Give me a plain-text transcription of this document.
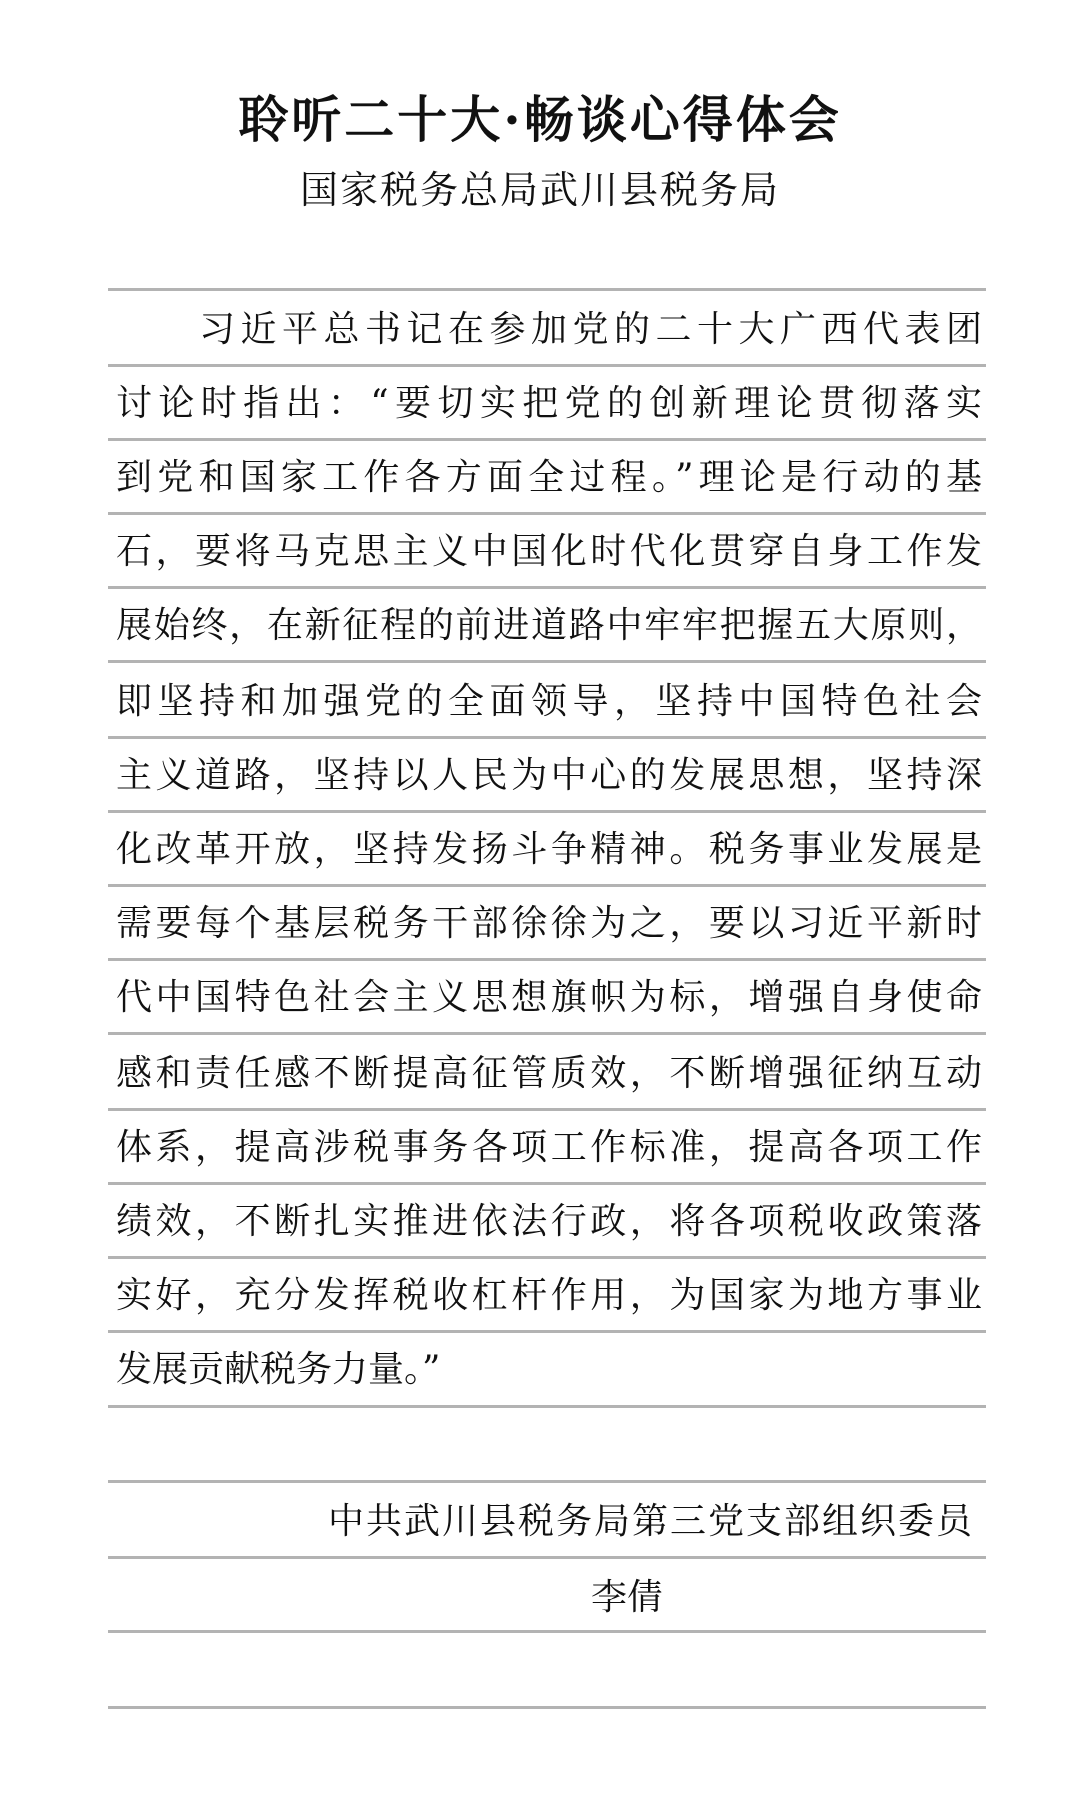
聆听二十大·畅谈心得体会
国家税务总局武川县税务局
　　习近平总书记在参加党的二十大广西代表团
讨论时指出：“要切实把党的创新理论贯彻落实
到党和国家工作各方面全过程。”理论是行动的基
石，要将马克思主义中国化时代化贯穿自身工作发
展始终，在新征程的前进道路中牢牢把握五大原则，
即坚持和加强党的全面领导，坚持中国特色社会
主义道路，坚持以人民为中心的发展思想，坚持深
化改革开放，坚持发扬斗争精神。税务事业发展是
需要每个基层税务干部徐徐为之，要以习近平新时
代中国特色社会主义思想旗帜为标，增强自身使命
感和责任感不断提高征管质效，不断增强征纳互动
体系，提高涉税事务各项工作标准，提高各项工作
绩效，不断扎实推进依法行政，将各项税收政策落
实好，充分发挥税收杠杆作用，为国家为地方事业
发展贡献税务力量。”
中共武川县税务局第三党支部组织委员
李倩
